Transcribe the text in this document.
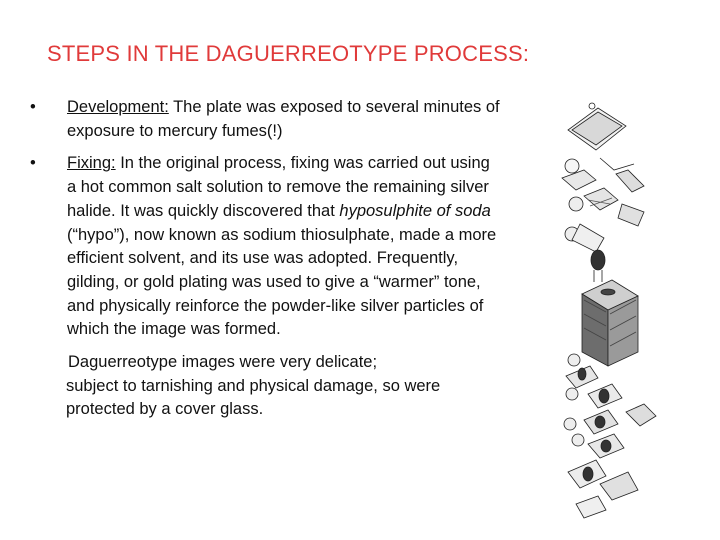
STEPS IN THE DAGUERREOTYPE PROCESS:
•	Development: The plate was exposed to several minutes of exposure to mercury fumes(!)
•	Fixing: In the original process, fixing was carried out using a hot common salt solution to remove the remaining silver halide. It was quickly discovered that hyposulphite of soda (“hypo”), now known as sodium thiosulphate, made a more efficient solvent, and its use was adopted. Frequently, gilding, or gold plating was used to give a “warmer” tone, and physically reinforce the powder-like silver particles of which the image was formed.
Daguerreotype images were very delicate;
subject to tarnishing and physical damage, so were protected by a cover glass.
